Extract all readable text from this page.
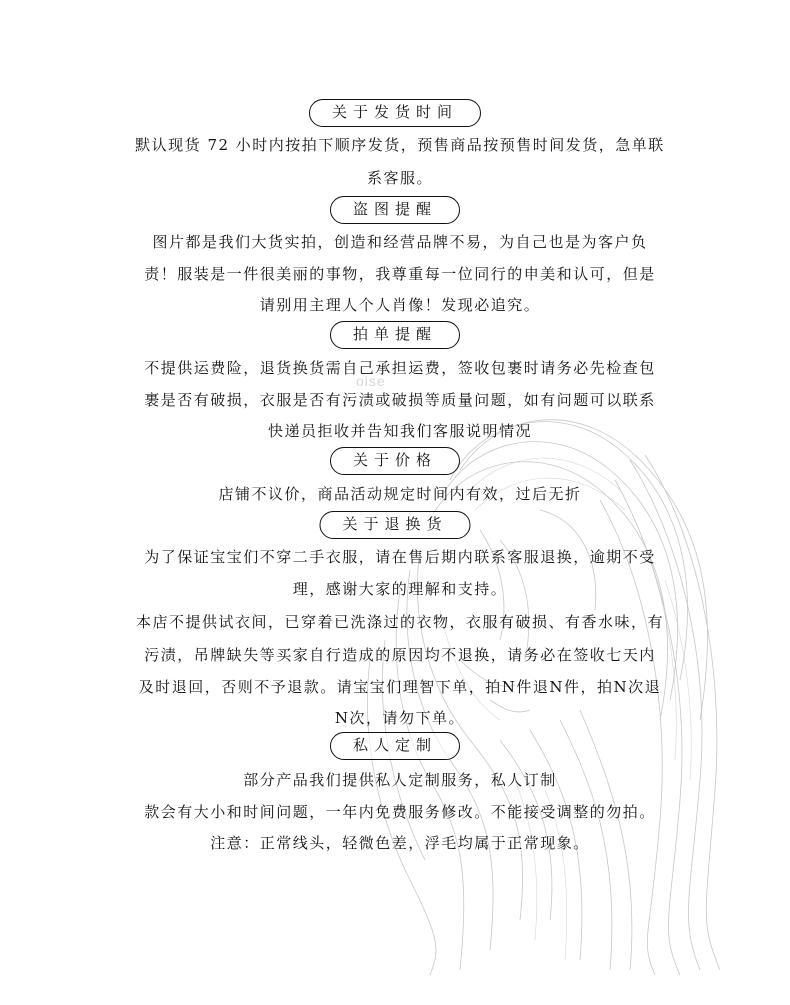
oise
关于发货时间
默认现货 72 小时内按拍下顺序发货，预售商品按预售时间发货，急单联
系客服。
盗图提醒
图片都是我们大货实拍，创造和经营品牌不易，为自己也是为客户负
责！服装是一件很美丽的事物，我尊重每一位同行的申美和认可，但是
请别用主理人个人肖像！发现必追究。
拍单提醒
不提供运费险，退货换货需自己承担运费，签收包裹时请务必先检查包
裹是否有破损，衣服是否有污渍或破损等质量问题，如有问题可以联系
快递员拒收并告知我们客服说明情况
关于价格
店铺不议价，商品活动规定时间内有效，过后无折
关于退换货
为了保证宝宝们不穿二手衣服，请在售后期内联系客服退换，逾期不受
理，感谢大家的理解和支持。
本店不提供试衣间，已穿着已洗涤过的衣物，衣服有破损、有香水味，有
污渍，吊牌缺失等买家自行造成的原因均不退换，请务必在签收七天内
及时退回，否则不予退款。请宝宝们理智下单，拍N件退N件，拍N次退
N次，请勿下单。
私人定制
部分产品我们提供私人定制服务，私人订制
款会有大小和时间问题，一年内免费服务修改。不能接受调整的勿拍。
注意：正常线头，轻微色差，浮毛均属于正常现象。
